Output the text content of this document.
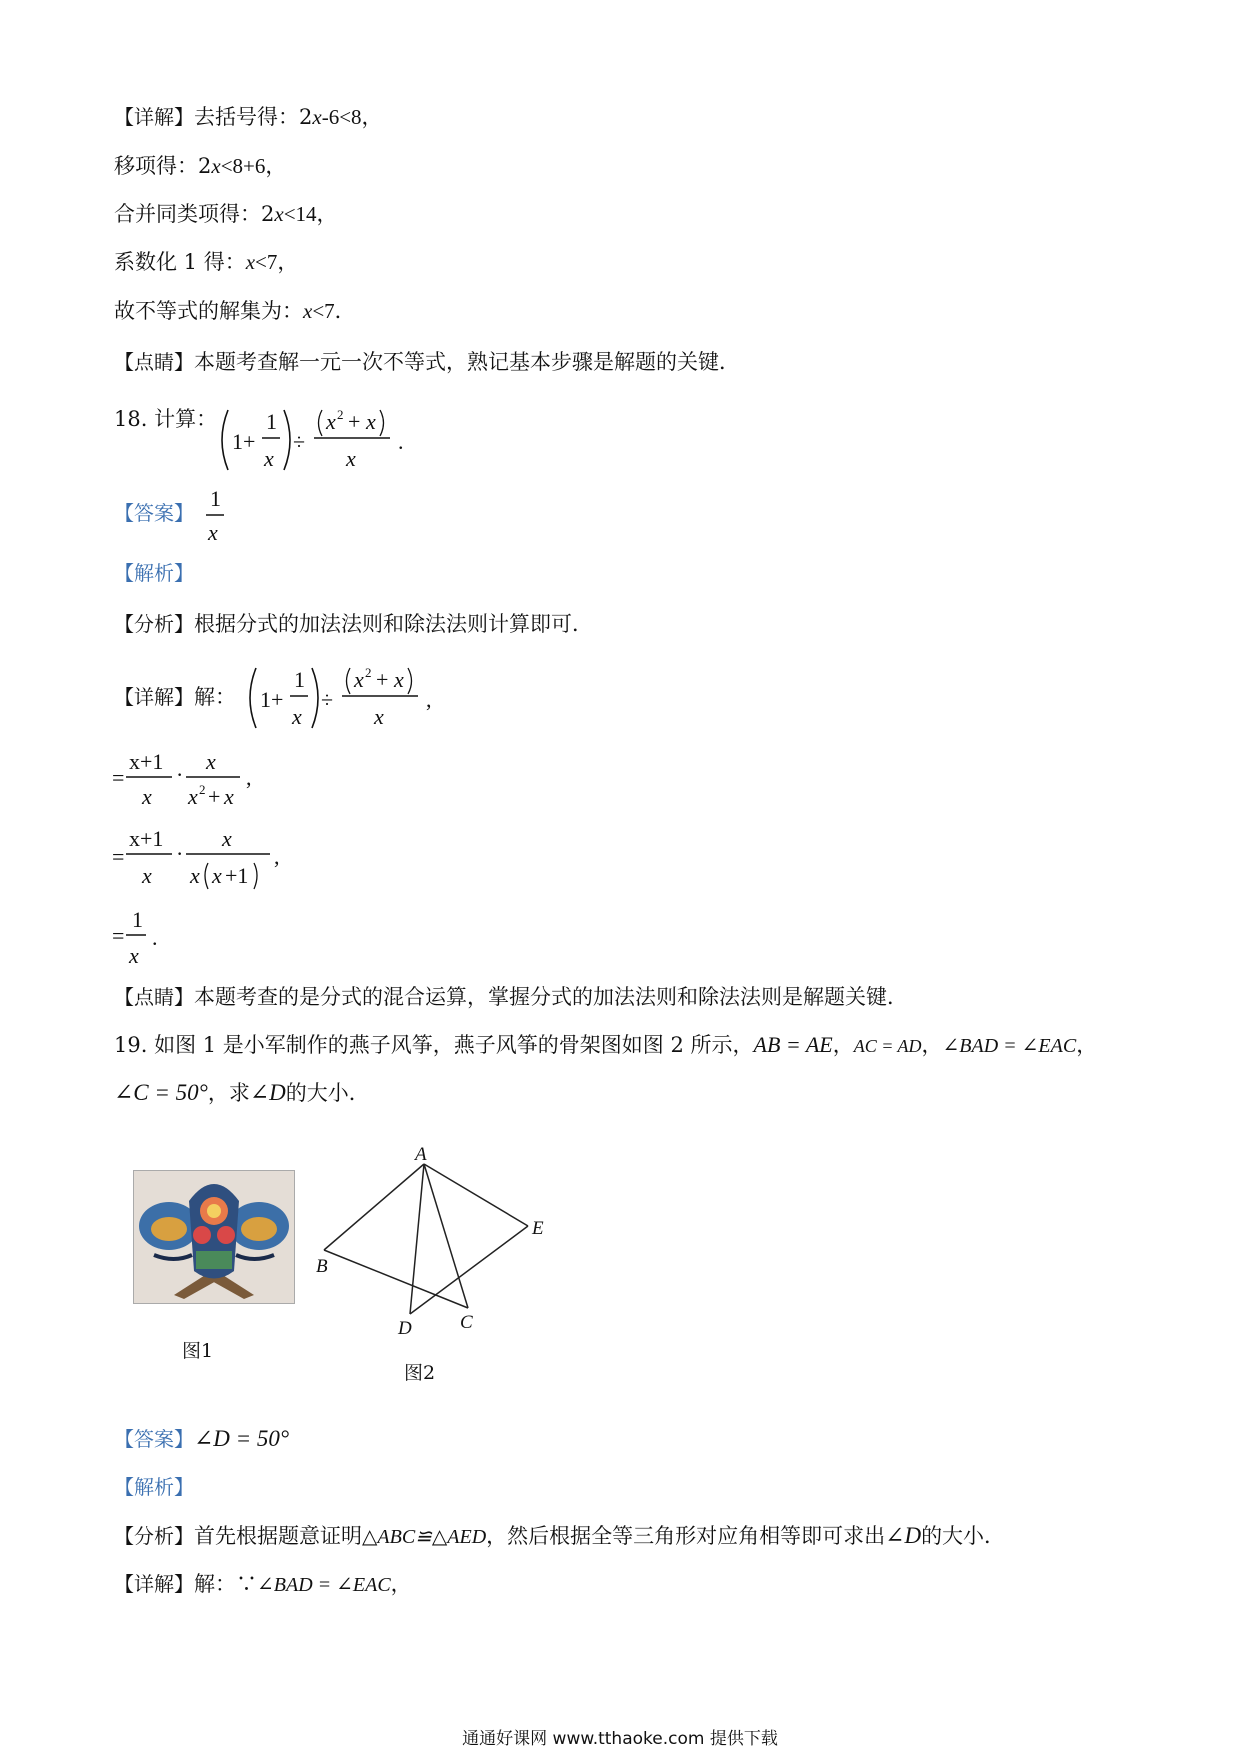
【详解】去括号得：2x-6<8，
移项得：2x<8+6，
合并同类项得：2x<14，
系数化 1 得：x<7，
故不等式的解集为：x<7．
【点睛】本题考查解一元一次不等式，熟记基本步骤是解题的关键．
18. 计算：
1+
1
x
÷
x 2 + x
x
.
【答案】
1
x
【解析】
【分析】根据分式的加法法则和除法法则计算即可．
【详解】解： 1+
1
x
÷
x 2 + x
x
,
=
x+1
x
·
x
x 2 + x
,
=
x+1
x
·
x
x x +1
,
=
1
x
.
【点睛】本题考查的是分式的混合运算，掌握分式的加法法则和除法法则是解题关键．
19. 如图 1 是小军制作的燕子风筝，燕子风筝的骨架图如图 2 所示，AB = AE，AC = AD，∠BAD = ∠EAC，
∠C = 50°，求∠D的大小．
图1
A
B
C
D
E
图2
【答案】∠D = 50°
【解析】
【分析】首先根据题意证明△ABC≌△AED，然后根据全等三角形对应角相等即可求出∠D的大小．
【详解】解：∵∠BAD = ∠EAC，
通通好课网 www.tthaoke.com 提供下载
